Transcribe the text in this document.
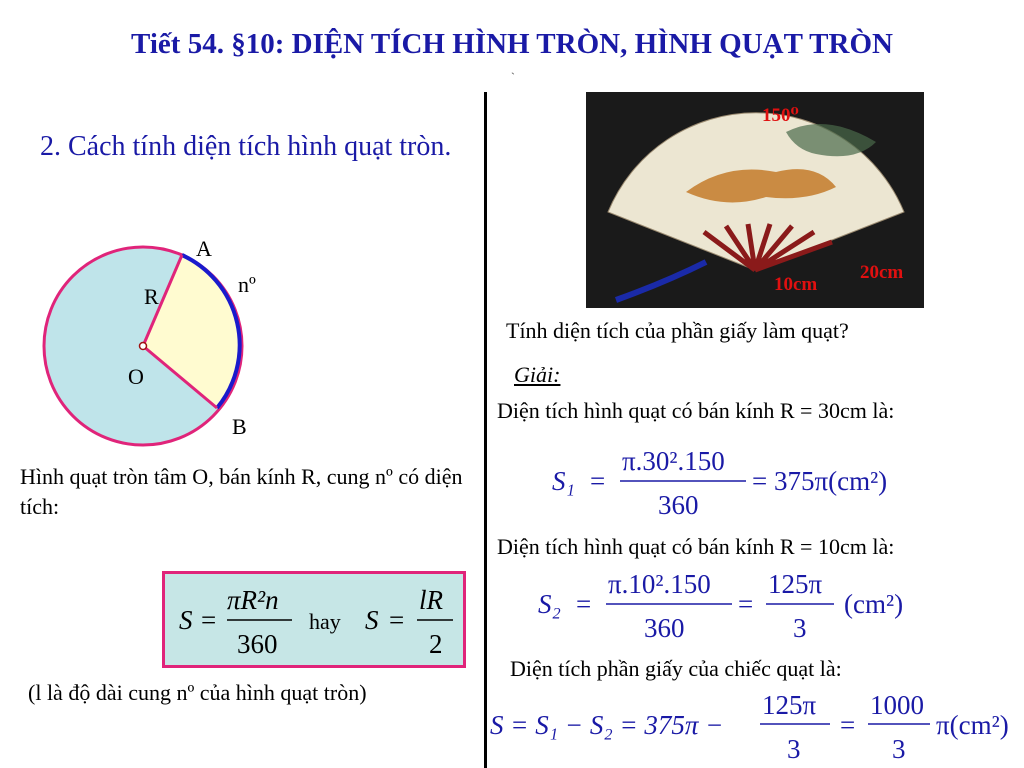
Tiết 54. §10: DIỆN TÍCH HÌNH TRÒN, HÌNH QUẠT TRÒN
`
2. Cách tính diện tích hình quạt tròn.
A
nº
R
O
B
Hình quạt tròn tâm O, bán kính R, cung nº có diện tích:
S =
πR²n
360
hay S =
lR
2
(l là độ dài cung nº của hình quạt tròn)
150⁰
10cm
20cm
Tính diện tích của phần giấy làm quạt?
Giải:
Diện tích hình quạt có bán kính R = 30cm là:
S₁ =
π.30².150
360
= 375π(cm²)
Diện tích hình quạt có bán kính R = 10cm là:
S₂ =
π.10².150
360
=
125π
3
(cm²)
Diện tích phần giấy của chiếc quạt là:
S = S₁ − S₂ = 375π −
125π
3
=
1000
3
π(cm²)
